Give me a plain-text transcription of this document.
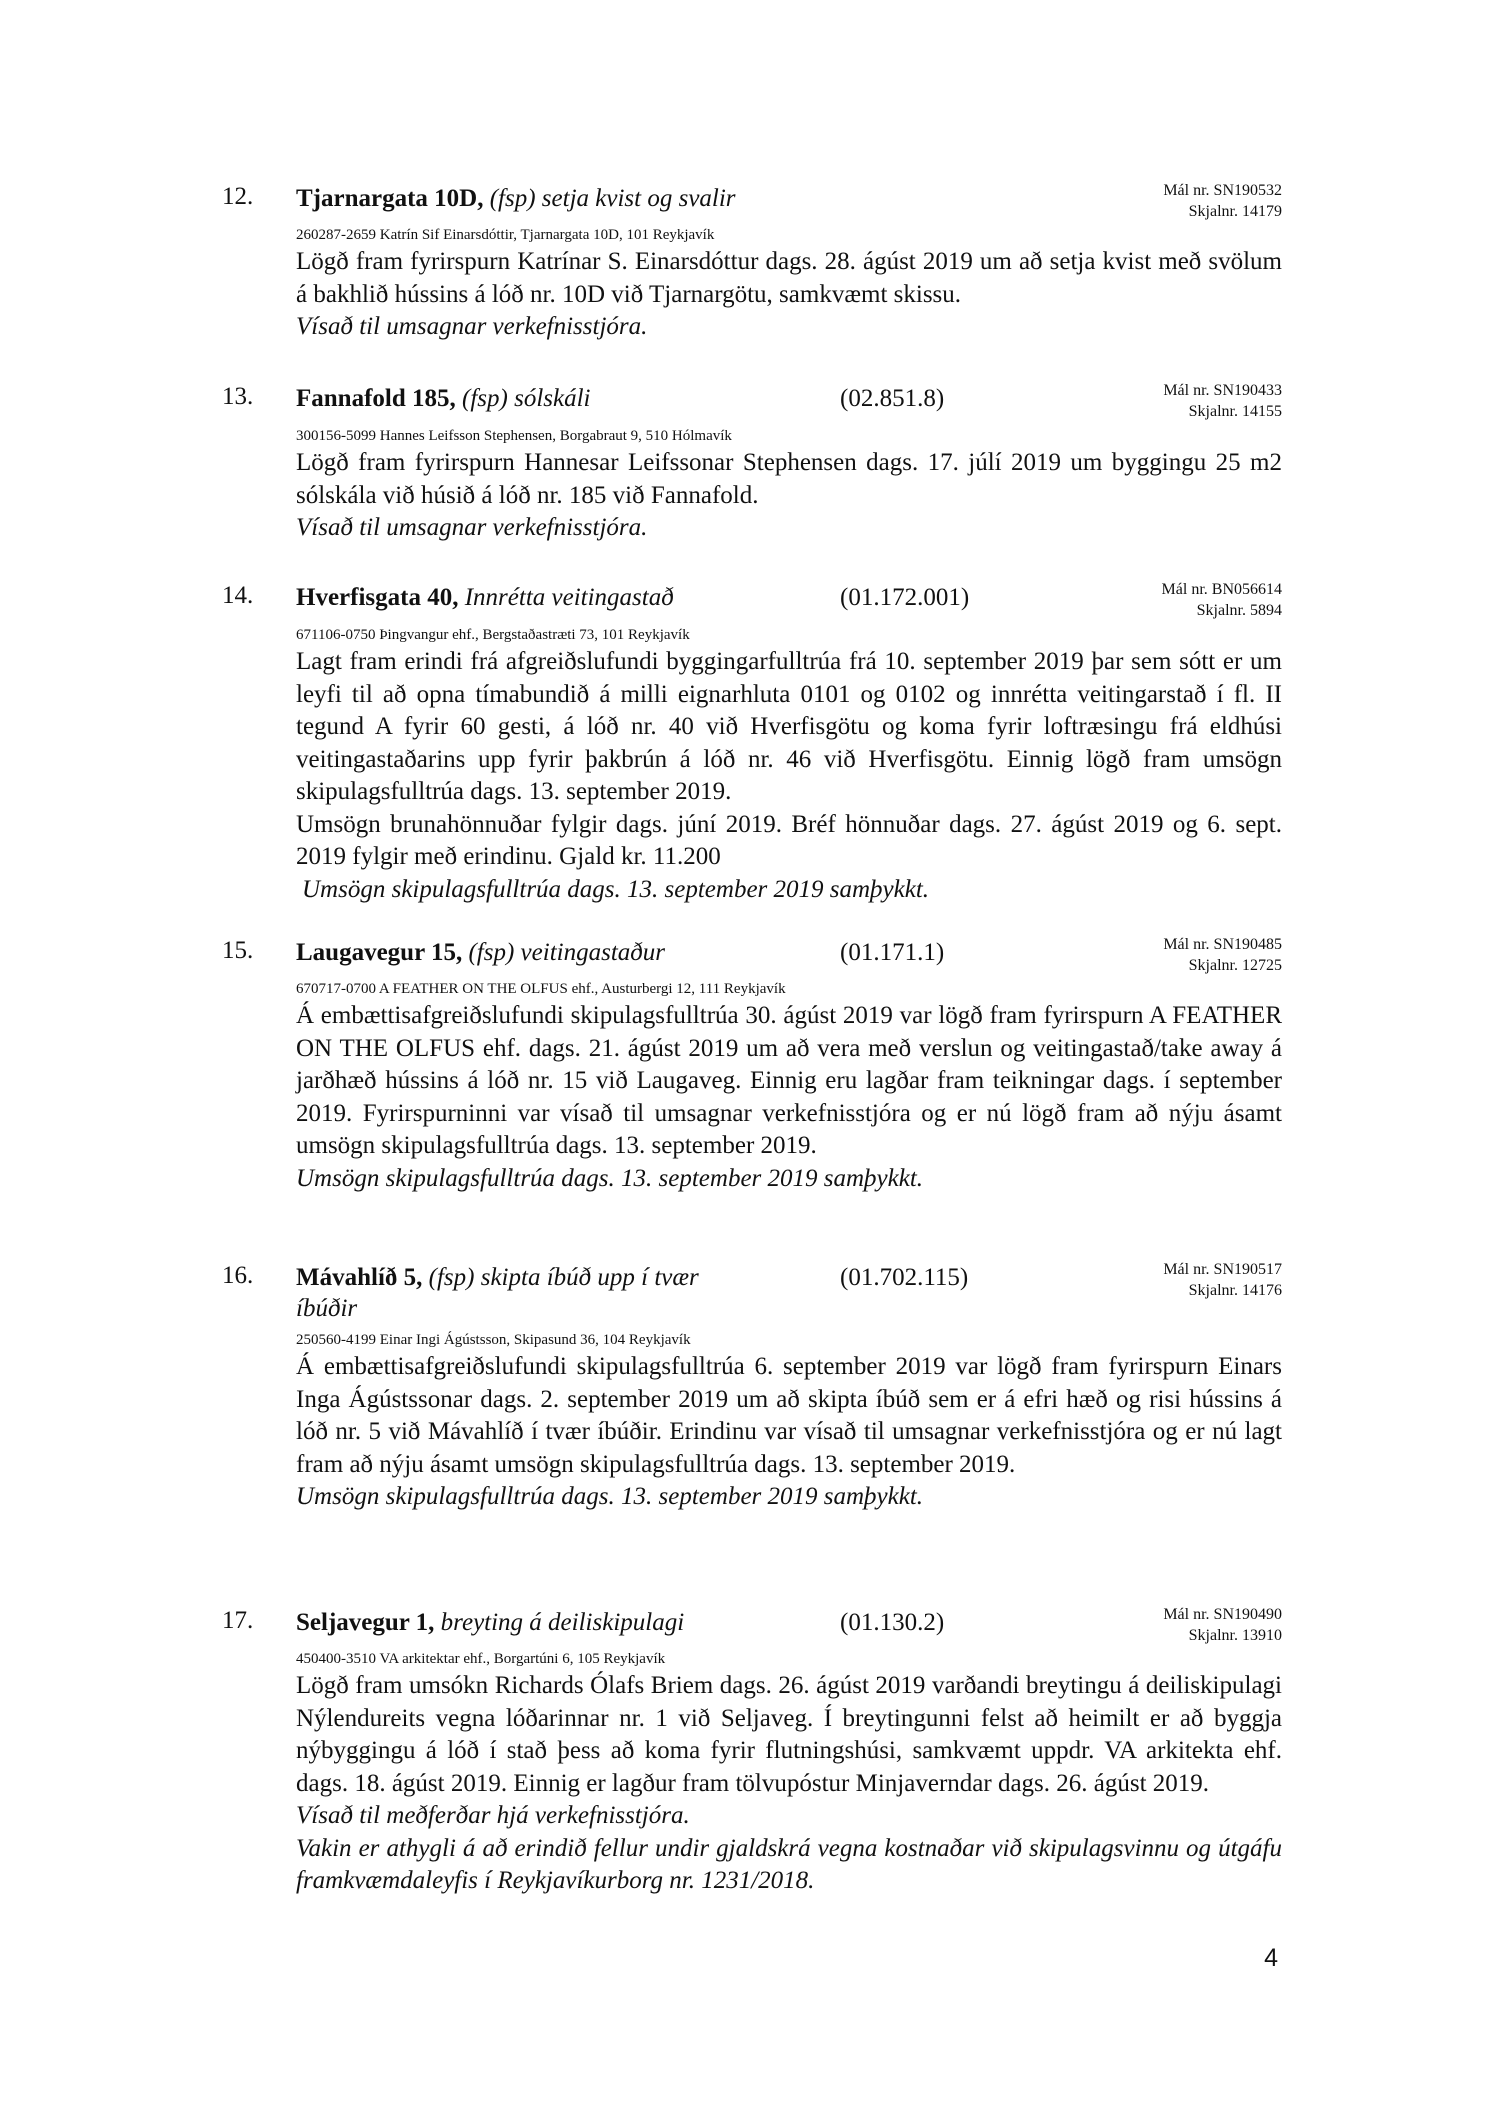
12. Tjarnargata 10D, (fsp) setja kvist og svalir	Mál nr. SN190532
Skjalnr. 14179
260287-2659 Katrín Sif Einarsdóttir, Tjarnargata 10D, 101 Reykjavík

Lögð fram fyrirspurn Katrínar S. Einarsdóttur dags. 28. ágúst 2019 um að setja kvist með svölum á bakhlið hússins á lóð nr. 10D við Tjarnargötu, samkvæmt skissu.

Vísað til umsagnar verkefnisstjóra.

13. Fannafold 185, (fsp) sólskáli	(02.851.8)	Mál nr. SN190433
Skjalnr. 14155
300156-5099 Hannes Leifsson Stephensen, Borgabraut 9, 510 Hólmavík

Lögð fram fyrirspurn Hannesar Leifssonar Stephensen dags. 17. júlí 2019 um byggingu 25 m2 sólskála við húsið á lóð nr. 185 við Fannafold.

Vísað til umsagnar verkefnisstjóra.

14. Hverfisgata 40, Innrétta veitingastað	(01.172.001)	Mál nr. BN056614
Skjalnr. 5894
671106-0750 Þingvangur ehf., Bergstaðastræti 73, 101 Reykjavík

Lagt fram erindi frá afgreiðslufundi byggingarfulltrúa frá 10. september 2019 þar sem sótt er um leyfi til að opna tímabundið á milli eignarhluta 0101 og 0102 og innrétta veitingarstað í fl. II tegund A fyrir 60 gesti, á lóð nr. 40 við Hverfisgötu og koma fyrir loftræsingu frá eldhúsi veitingastaðarins upp fyrir þakbrún á lóð nr. 46 við Hverfisgötu. Einnig lögð fram umsögn skipulagsfulltrúa dags. 13. september 2019.

Umsögn brunahönnuðar fylgir dags. júní 2019. Bréf hönnuðar dags. 27. ágúst 2019 og 6. sept. 2019 fylgir með erindinu. Gjald kr. 11.200

Umsögn skipulagsfulltrúa dags. 13. september 2019 samþykkt.

15. Laugavegur 15, (fsp) veitingastaður	(01.171.1)	Mál nr. SN190485
Skjalnr. 12725
670717-0700 A FEATHER ON THE OLFUS ehf., Austurbergi 12, 111 Reykjavík

Á embættisafgreiðslufundi skipulagsfulltrúa 30. ágúst 2019 var lögð fram fyrirspurn A FEATHER ON THE OLFUS ehf. dags. 21. ágúst 2019 um að vera með verslun og veitingastað/take away á jarðhæð hússins á lóð nr. 15 við Laugaveg. Einnig eru lagðar fram teikningar dags. í september 2019. Fyrirspurninni var vísað til umsagnar verkefnisstjóra og er nú lögð fram að nýju ásamt umsögn skipulagsfulltrúa dags. 13. september 2019.

Umsögn skipulagsfulltrúa dags. 13. september 2019 samþykkt.

16. Mávahlíð 5, (fsp) skipta íbúð upp í tvær íbúðir
(01.702.115)	Mál nr. SN190517
Skjalnr. 14176
250560-4199 Einar Ingi Ágústsson, Skipasund 36, 104 Reykjavík

Á embættisafgreiðslufundi skipulagsfulltrúa 6. september 2019 var lögð fram fyrirspurn Einars Inga Ágústssonar dags. 2. september 2019 um að skipta íbúð sem er á efri hæð og risi hússins á lóð nr. 5 við Mávahlíð í tvær íbúðir. Erindinu var vísað til umsagnar verkefnisstjóra og er nú lagt fram að nýju ásamt umsögn skipulagsfulltrúa dags. 13. september 2019.

Umsögn skipulagsfulltrúa dags. 13. september 2019 samþykkt.

17. Seljavegur 1, breyting á deiliskipulagi	(01.130.2)	Mál nr. SN190490
Skjalnr. 13910
450400-3510 VA arkitektar ehf., Borgartúni 6, 105 Reykjavík

Lögð fram umsókn Richards Ólafs Briem dags. 26. ágúst 2019 varðandi breytingu á deiliskipulagi Nýlendureits vegna lóðarinnar nr. 1 við Seljaveg. Í breytingunni felst að heimilt er að byggja nýbyggingu á lóð í stað þess að koma fyrir flutningshúsi, samkvæmt uppdr. VA arkitekta ehf. dags. 18. ágúst 2019. Einnig er lagður fram tölvupóstur Minjaverndar dags. 26. ágúst 2019.

Vísað til meðferðar hjá verkefnisstjóra.

Vakin er athygli á að erindið fellur undir gjaldskrá vegna kostnaðar við skipulagsvinnu og útgáfu framkvæmdaleyfis í Reykjavíkurborg nr. 1231/2018.

4
